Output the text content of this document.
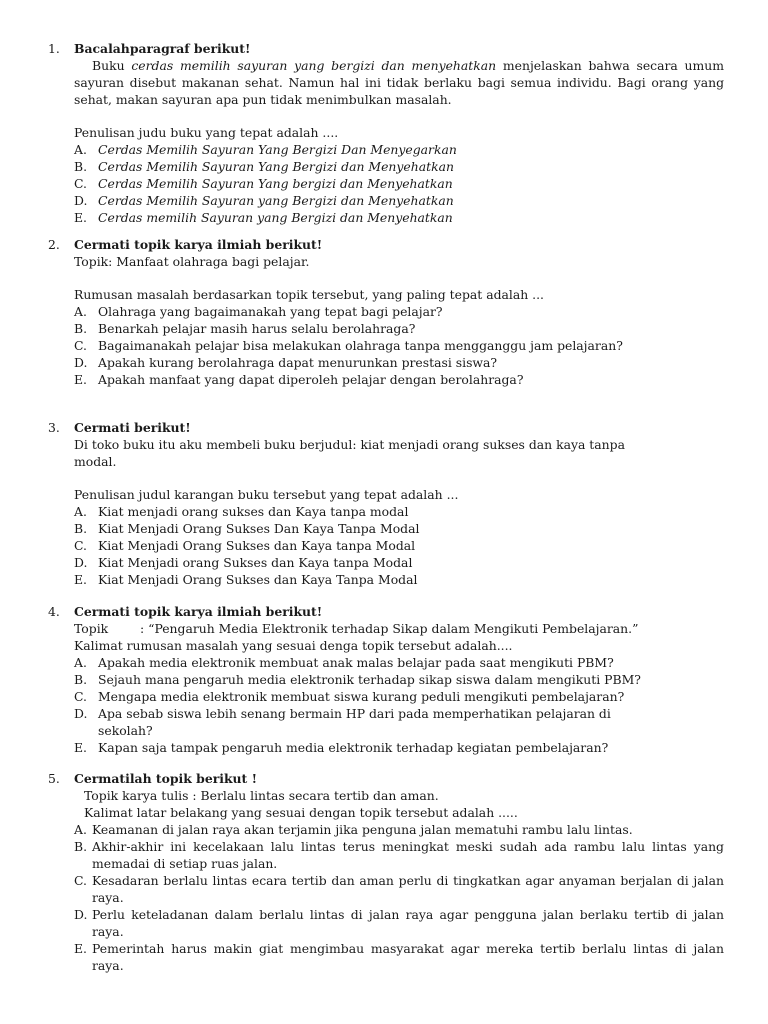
1. Bacalahparagraf berikut!
Buku cerdas memilih sayuran yang bergizi dan menyehatkan menjelaskan bahwa secara umum sayuran disebut makanan sehat. Namun hal ini tidak berlaku bagi semua individu. Bagi orang yang sehat, makan sayuran apa pun tidak menimbulkan masalah.
Penulisan judu buku yang tepat adalah ....
A. Cerdas Memilih Sayuran Yang Bergizi Dan Menyegarkan
B. Cerdas Memilih Sayuran Yang Bergizi dan Menyehatkan
C. Cerdas Memilih Sayuran Yang bergizi dan Menyehatkan
D. Cerdas Memilih Sayuran yang Bergizi dan Menyehatkan
E. Cerdas memilih Sayuran yang Bergizi dan Menyehatkan
2. Cermati topik karya ilmiah berikut!
Topik: Manfaat olahraga bagi pelajar.
Rumusan masalah berdasarkan topik tersebut, yang paling tepat adalah ...
A. Olahraga yang bagaimanakah yang tepat bagi pelajar?
B. Benarkah pelajar masih harus selalu berolahraga?
C. Bagaimanakah pelajar bisa melakukan olahraga tanpa mengganggu jam pelajaran?
D. Apakah kurang berolahraga dapat menurunkan prestasi siswa?
E. Apakah manfaat yang dapat diperoleh pelajar dengan berolahraga?
3. Cermati berikut!
Di toko buku itu aku membeli buku berjudul: kiat menjadi orang sukses dan kaya tanpa modal.
Penulisan judul karangan buku tersebut yang tepat adalah ...
A. Kiat menjadi orang sukses dan Kaya tanpa modal
B. Kiat Menjadi Orang Sukses Dan Kaya Tanpa Modal
C. Kiat Menjadi Orang Sukses dan Kaya tanpa Modal
D. Kiat Menjadi orang Sukses dan Kaya tanpa Modal
E. Kiat Menjadi Orang Sukses dan Kaya Tanpa Modal
4. Cermati topik karya ilmiah berikut!
Topik	: “Pengaruh Media Elektronik terhadap Sikap dalam Mengikuti Pembelajaran.”
Kalimat rumusan masalah yang sesuai denga topik tersebut adalah....
A. Apakah media elektronik membuat anak malas belajar pada saat mengikuti PBM?
B. Sejauh mana pengaruh media elektronik terhadap sikap siswa dalam mengikuti PBM?
C. Mengapa media elektronik membuat siswa kurang peduli mengikuti pembelajaran?
D. Apa sebab siswa lebih senang bermain HP dari pada memperhatikan pelajaran di sekolah?
E. Kapan saja tampak pengaruh media elektronik terhadap kegiatan pembelajaran?
5. Cermatilah topik berikut !
Topik karya tulis : Berlalu lintas secara tertib dan aman.
Kalimat latar belakang yang sesuai dengan topik tersebut adalah .....
A. Keamanan di jalan raya akan terjamin jika penguna jalan mematuhi rambu lalu lintas.
B. Akhir-akhir ini kecelakaan lalu lintas terus meningkat meski sudah ada rambu lalu lintas yang memadai di setiap ruas jalan.
C. Kesadaran berlalu lintas ecara tertib dan aman perlu di tingkatkan agar anyaman berjalan di jalan raya.
D. Perlu keteladanan dalam berlalu lintas di jalan raya agar pengguna jalan berlaku tertib di jalan raya.
E. Pemerintah harus makin giat mengimbau masyarakat agar mereka tertib berlalu lintas di jalan raya.
